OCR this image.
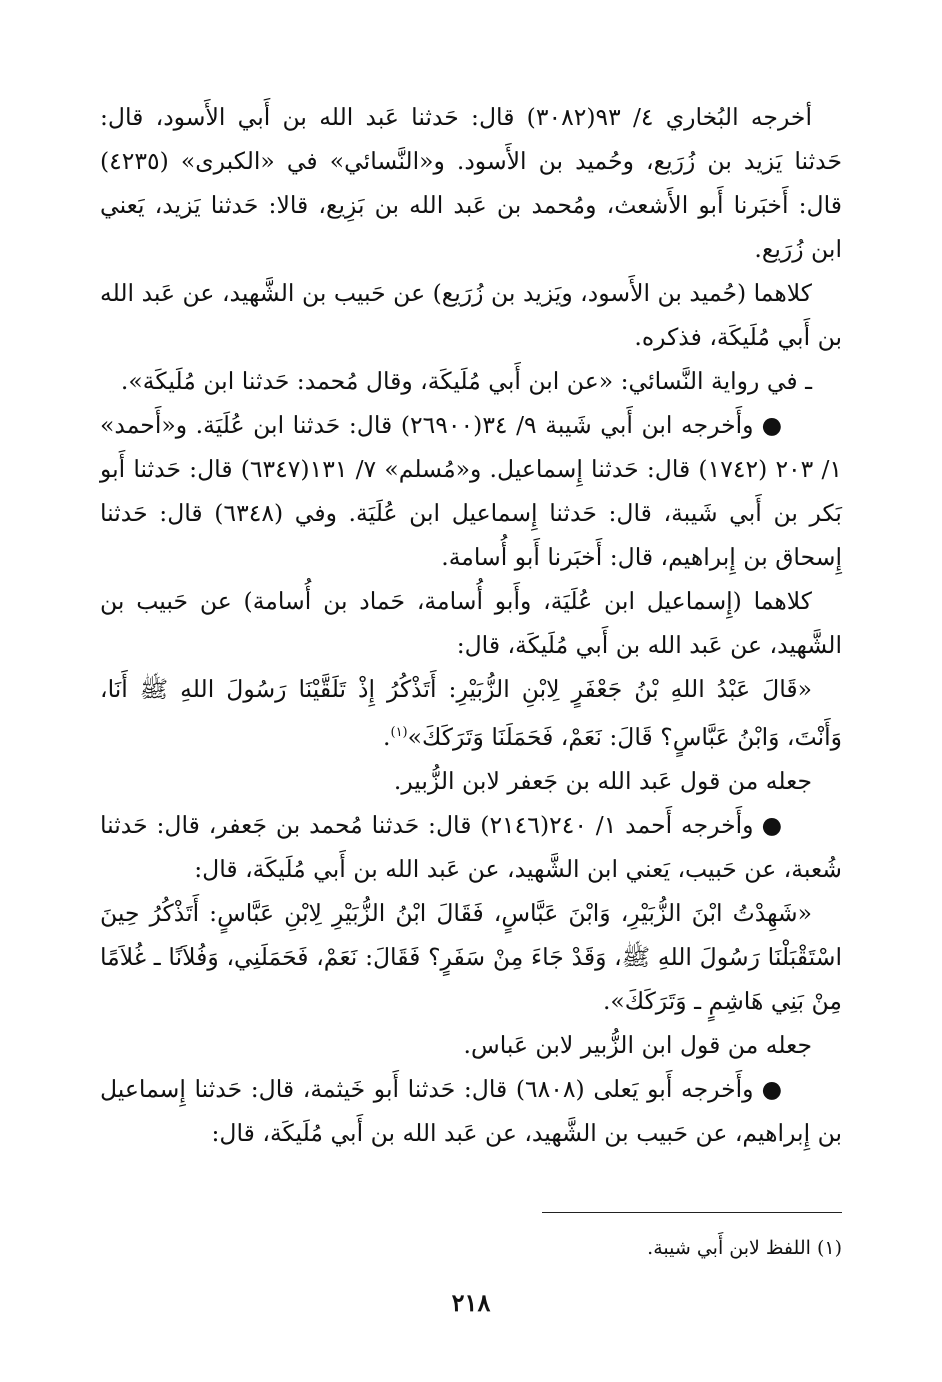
أخرجه البُخاري ٤/ ٩٣(٣٠٨٢) قال: حَدثنا عَبد الله بن أَبي الأَسود، قال: حَدثنا يَزيد بن زُرَيع، وحُميد بن الأَسود. و«النَّسائي» في «الكبرى» (٤٢٣٥) قال: أَخبَرنا أَبو الأَشعث، ومُحمد بن عَبد الله بن بَزِيع، قالا: حَدثنا يَزيد، يَعني ابن زُرَيع.

كلاهما (حُميد بن الأَسود، ويَزيد بن زُرَيع) عن حَبيب بن الشَّهيد، عن عَبد الله بن أَبي مُلَيكَة، فذكره.

ـ في رواية النَّسائي: «عن ابن أَبي مُلَيكَة، وقال مُحمد: حَدثنا ابن مُلَيكَة».

●وأَخرجه ابن أَبي شَيبة ٩/ ٣٤(٢٦٩٠٠) قال: حَدثنا ابن عُلَيَة. و«أَحمد» ١/ ٢٠٣ (١٧٤٢) قال: حَدثنا إِسماعيل. و«مُسلم» ٧/ ١٣١(٦٣٤٧) قال: حَدثنا أَبو بَكر بن أَبي شَيبة، قال: حَدثنا إِسماعيل ابن عُلَيَة. وفي (٦٣٤٨) قال: حَدثنا إِسحاق بن إِبراهيم، قال: أَخبَرنا أَبو أُسامة.

كلاهما (إِسماعيل ابن عُلَيَة، وأَبو أُسامة، حَماد بن أُسامة) عن حَبيب بن الشَّهيد، عن عَبد الله بن أَبي مُلَيكَة، قال:

«قَالَ عَبْدُ اللهِ بْنُ جَعْفَرٍ لِابْنِ الزُّبَيْرِ: أَتَذْكُرُ إِذْ تَلَقَّيْنَا رَسُولَ اللهِ ﷺ أَنَا، وَأَنْتَ، وَابْنُ عَبَّاسٍ؟ قَالَ: نَعَمْ، فَحَمَلَنَا وَتَرَكَكَ»$^{(١)}$.

جعله من قول عَبد الله بن جَعفر لابن الزُّبير.

●وأَخرجه أَحمد ١/ ٢٤٠(٢١٤٦) قال: حَدثنا مُحمد بن جَعفر، قال: حَدثنا شُعبة، عن حَبيب، يَعني ابن الشَّهيد، عن عَبد الله بن أَبي مُلَيكَة، قال:

«شَهِدْتُ ابْنَ الزُّبَيْرِ، وَابْنَ عَبَّاسٍ، فَقَالَ ابْنُ الزُّبَيْرِ لِابْنِ عَبَّاسٍ: أَتَذْكُرُ حِينَ اسْتَقْبَلْنَا رَسُولَ اللهِ ﷺ، وَقَدْ جَاءَ مِنْ سَفَرٍ؟ فَقَالَ: نَعَمْ، فَحَمَلَنِي، وَفُلاَنًا ـ غُلاَمًا مِنْ بَنِي هَاشِمٍ ـ وَتَرَكَكَ».

جعله من قول ابن الزُّبير لابن عَباس.

●وأَخرجه أَبو يَعلى (٦٨٠٨) قال: حَدثنا أَبو خَيثمة، قال: حَدثنا إِسماعيل بن إِبراهيم، عن حَبيب بن الشَّهيد، عن عَبد الله بن أَبي مُلَيكَة، قال:

(١) اللفظ لابن أَبي شيبة.
٢١٨
